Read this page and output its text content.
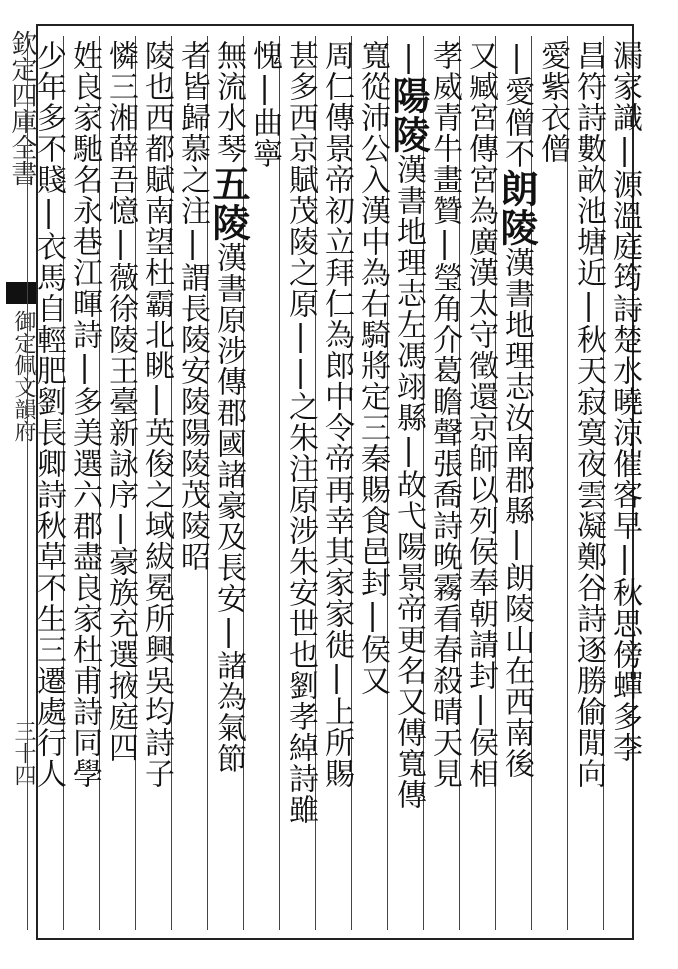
欽定四庫全書
御定佩文韻府
三十四
漏家識|源溫庭筠詩楚水曉涼催客早|秋思傍蟬多李
昌符詩數畝池塘近|秋天寂寞夜雲凝鄭谷詩逐勝偷閒向
愛紫衣僧
|愛僧不朗陵漢書地理志汝南郡縣|朗陵山在西南後
又臧宮傳宮為廣漢太守徵還京師以列侯奉朝請封|侯相
孝威青牛畫贊|瑩角介葛瞻聲張喬詩晚霧看春殺晴天見
|陽陵漢書地理志左馮翊縣|故弋陽景帝更名又傅寬傳
寬從沛公入漢中為右騎將定三秦賜食邑封|侯又
周仁傳景帝初立拜仁為郎中令帝再幸其家家徙|上所賜
甚多西京賦茂陵之原||之朱注原涉朱安世也劉孝綽詩雖
愧|曲寧
無流水琴五陵漢書原涉傳郡國諸豪及長安|諸為氣節
者皆歸慕之注|謂長陵安陵陽陵茂陵昭
陵也西都賦南望杜霸北眺|英俊之域紱冕所興吳均詩子
憐三湘薛吾憶|薇徐陵王臺新詠序|豪族充選掖庭四
姓良家馳名永巷江暉詩|多美選六郡盡良家杜甫詩同學
少年多不賤|衣馬自輕肥劉長卿詩秋草不生三遷處行人
